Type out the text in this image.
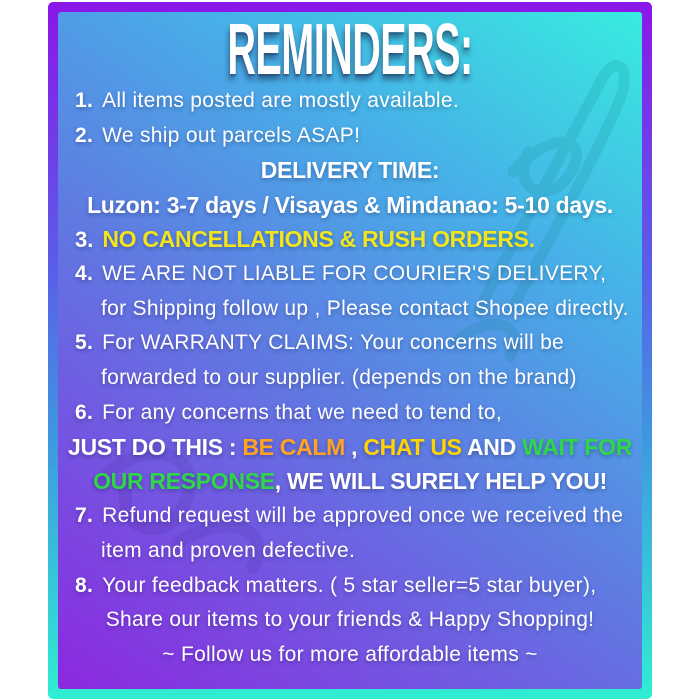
REMINDERS:
1. All items posted are mostly available.
2. We ship out parcels ASAP!
DELIVERY TIME:
Luzon: 3-7 days / Visayas & Mindanao: 5-10 days.
3. NO CANCELLATIONS & RUSH ORDERS.
4. WE ARE NOT LIABLE FOR COURIER'S DELIVERY,
for Shipping follow up , Please contact Shopee directly.
5. For WARRANTY CLAIMS: Your concerns will be
forwarded to our supplier. (depends on the brand)
6. For any concerns that we need to tend to,
JUST DO THIS : BE CALM , CHAT US AND WAIT FOR
OUR RESPONSE , WE WILL SURELY HELP YOU!
7. Refund request will be approved once we received the
item and proven defective.
8. Your feedback matters. ( 5 star seller=5 star buyer),
Share our items to your friends & Happy Shopping!
~ Follow us for more affordable items ~
